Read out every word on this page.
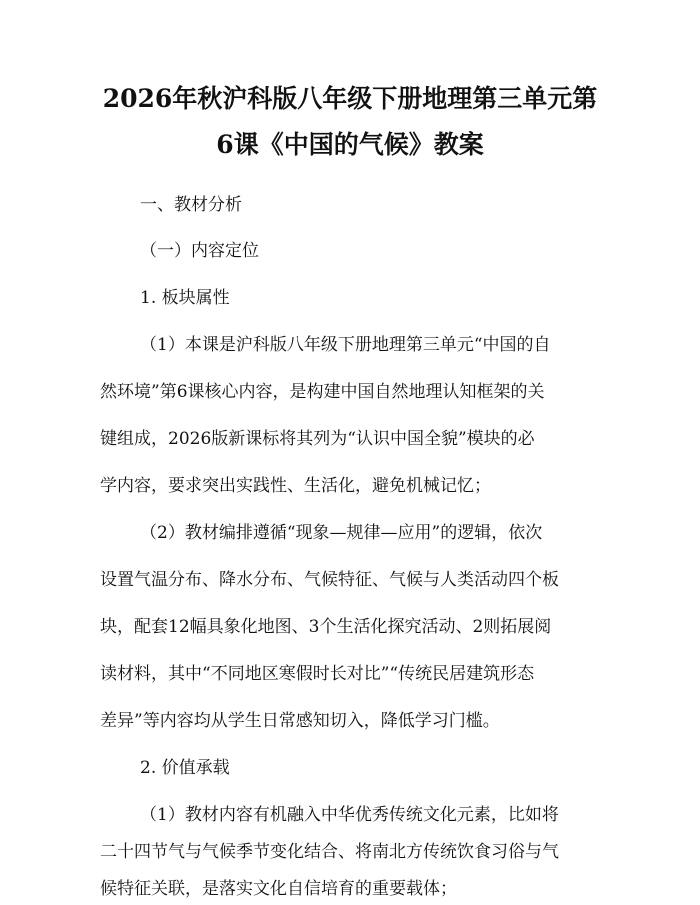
2026年秋沪科版八年级下册地理第三单元第
6课《中国的气候》教案

一、教材分析

（一）内容定位

1. 板块属性

（1）本课是沪科版八年级下册地理第三单元“中国的自

然环境”第6课核心内容，是构建中国自然地理认知框架的关

键组成，2026版新课标将其列为“认识中国全貌”模块的必

学内容，要求突出实践性、生活化，避免机械记忆；

（2）教材编排遵循“现象—规律—应用”的逻辑，依次

设置气温分布、降水分布、气候特征、气候与人类活动四个板

块，配套12幅具象化地图、3个生活化探究活动、2则拓展阅

读材料，其中“不同地区寒假时长对比”“传统民居建筑形态

差异”等内容均从学生日常感知切入，降低学习门槛。

2. 价值承载

（1）教材内容有机融入中华优秀传统文化元素，比如将

二十四节气与气候季节变化结合、将南北方传统饮食习俗与气

候特征关联，是落实文化自信培育的重要载体；
